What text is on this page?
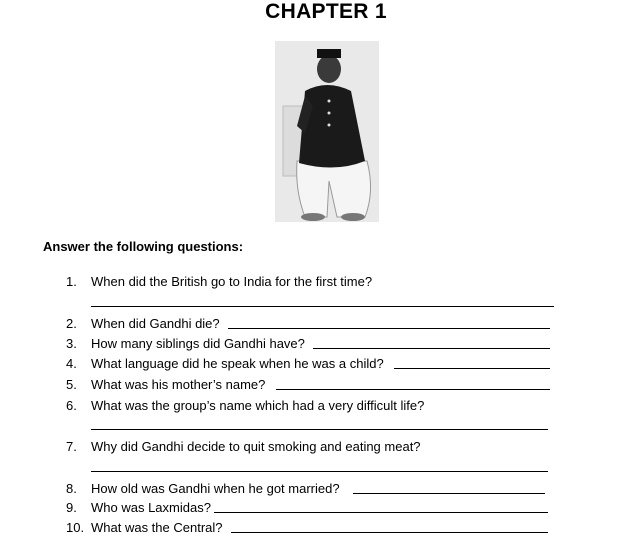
CHAPTER 1
Answer the following questions:
1. When did the British go to India for the first time?
2. When did Gandhi die?
3. How many siblings did Gandhi have?
4. What language did he speak when he was a child?
5. What was his mother’s name?
6. What was the group’s name which had a very difficult life?
7. Why did Gandhi decide to quit smoking and eating meat?
8. How old was Gandhi when he got married?
9. Who was Laxmidas?
10. What was the Central?
